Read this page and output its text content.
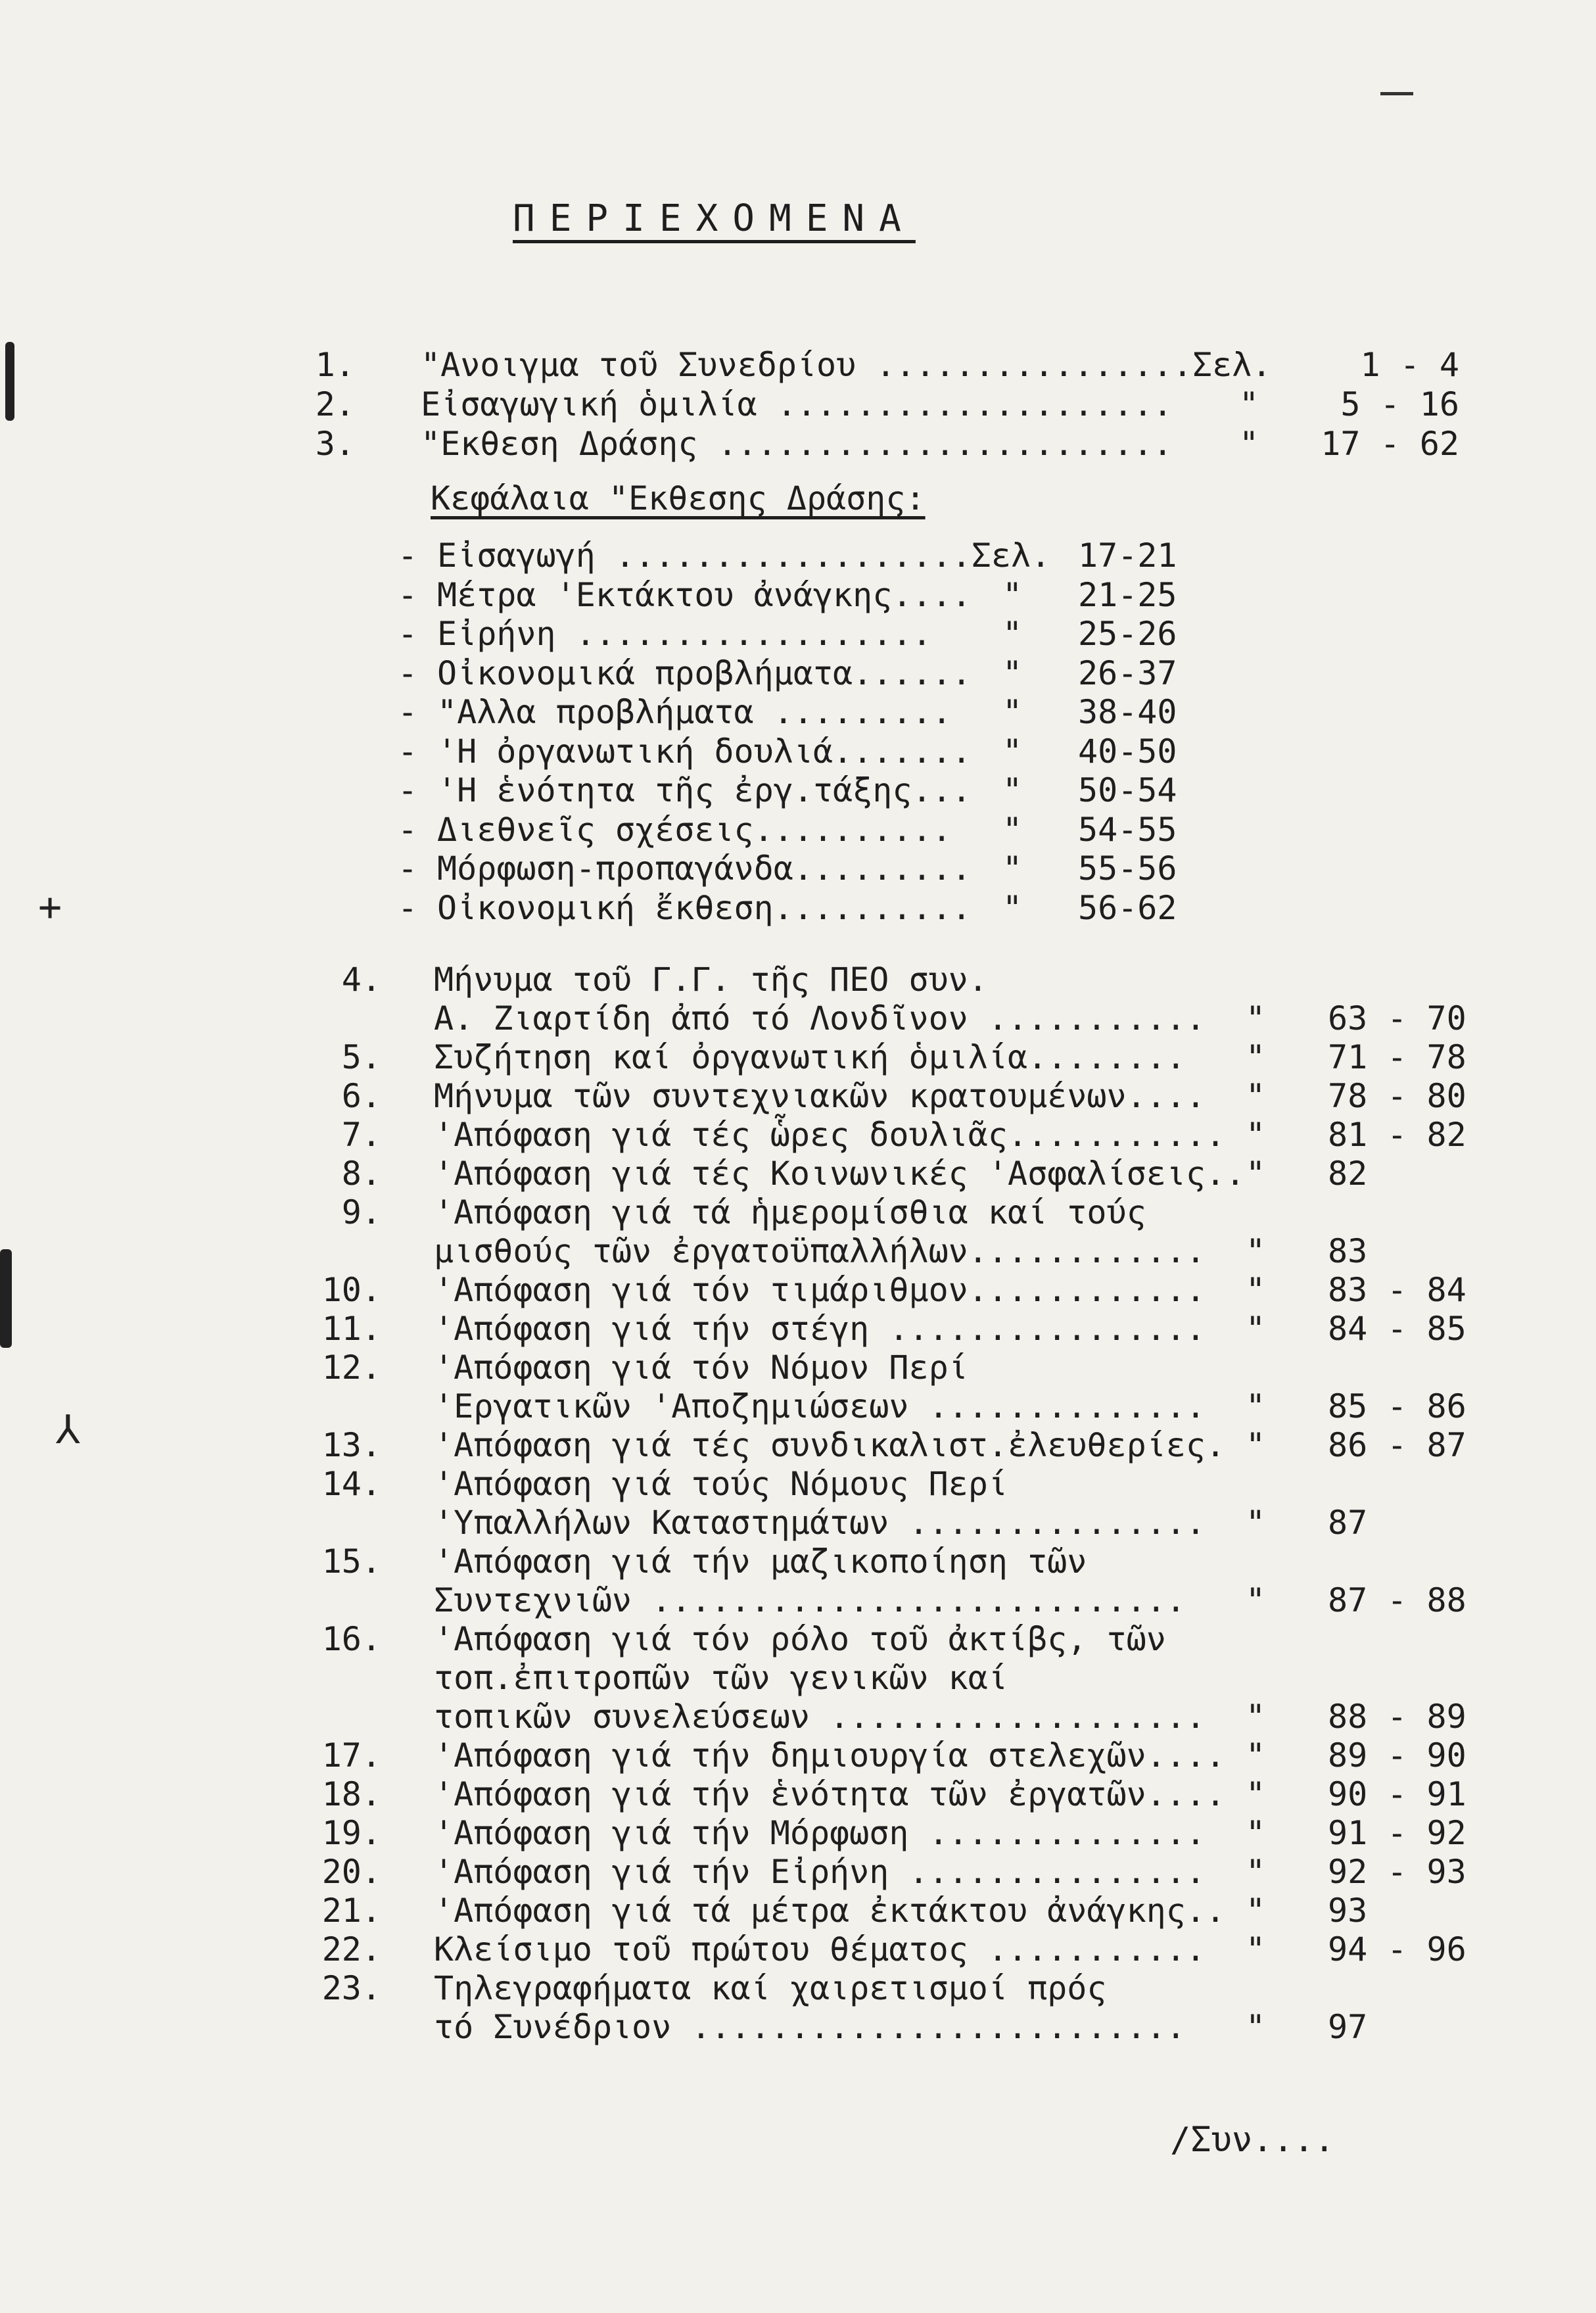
ΠΕΡΙΕΧΟΜΕΝΑ
1. "Ανοιγμα τοῦ Συνεδρίου ................Σελ.	1 - 4
2. Εἰσαγωγική ὁμιλία .................... "	5 - 16
3. "Εκθεση Δράσης ....................... "	17 - 62
Κεφάλαια "Εκθεσης Δράσης:
- Εἰσαγωγή ..................Σελ. 17-21
- Μέτρα 'Εκτάκτου ἀνάγκης.... " 21-25
- Εἰρήνη .................. " 25-26
- Οἰκονομικά προβλήματα...... " 26-37
- "Αλλα προβλήματα ......... " 38-40
- 'Η ὀργανωτική δουλιά....... " 40-50
- 'Η ἑνότητα τῆς ἐργ.τάξης... " 50-54
- Διεθνεῖς σχέσεις.......... " 54-55
- Μόρφωση-προπαγάνδα......... " 55-56
- Οἰκονομική ἔκθεση.......... " 56-62
4. Μήνυμα τοῦ Γ.Γ. τῆς ΠΕΟ συν.
Α. Ζιαρτίδη ἀπό τό Λονδῖνον ........... " 63 - 70
5. Συζήτηση καί ὀργανωτική ὁμιλία........ " 71 - 78
6. Μήνυμα τῶν συντεχνιακῶν κρατουμένων.... " 78 - 80
7. 'Απόφαση γιά τές ὧρες δουλιᾶς........... " 81 - 82
8. 'Απόφαση γιά τές Κοινωνικές 'Ασφαλίσεις.. " 82
9. 'Απόφαση γιά τά ἡμερομίσθια καί τούς
μισθούς τῶν ἐργατοϋπαλλήλων............ " 83
10. 'Απόφαση γιά τόν τιμάριθμον............ " 83 - 84
11. 'Απόφαση γιά τήν στέγη ................ " 84 - 85
12. 'Απόφαση γιά τόν Νόμον Περί
'Εργατικῶν 'Αποζημιώσεων .............. " 85 - 86
13. 'Απόφαση γιά τές συνδικαλιστ.ἐλευθερίες. " 86 - 87
14. 'Απόφαση γιά τούς Νόμους Περί
'Υπαλλήλων Καταστημάτων ............... " 87
15. 'Απόφαση γιά τήν μαζικοποίηση τῶν
Συντεχνιῶν ........................... " 87 - 88
16. 'Απόφαση γιά τόν ρόλο τοῦ ἀκτίβς, τῶν
τοπ.ἐπιτροπῶν τῶν γενικῶν καί
τοπικῶν συνελεύσεων ................... " 88 - 89
17. 'Απόφαση γιά τήν δημιουργία στελεχῶν.... " 89 - 90
18. 'Απόφαση γιά τήν ἑνότητα τῶν ἐργατῶν.... " 90 - 91
19. 'Απόφαση γιά τήν Μόρφωση .............. " 91 - 92
20. 'Απόφαση γιά τήν Εἰρήνη ............... " 92 - 93
21. 'Απόφαση γιά τά μέτρα ἐκτάκτου ἀνάγκης.. " 93
22. Κλείσιμο τοῦ πρώτου θέματος ........... " 94 - 96
23. Τηλεγραφήματα καί χαιρετισμοί πρός
τό Συνέδριον ......................... " 97
/Συν....
+
⅄
